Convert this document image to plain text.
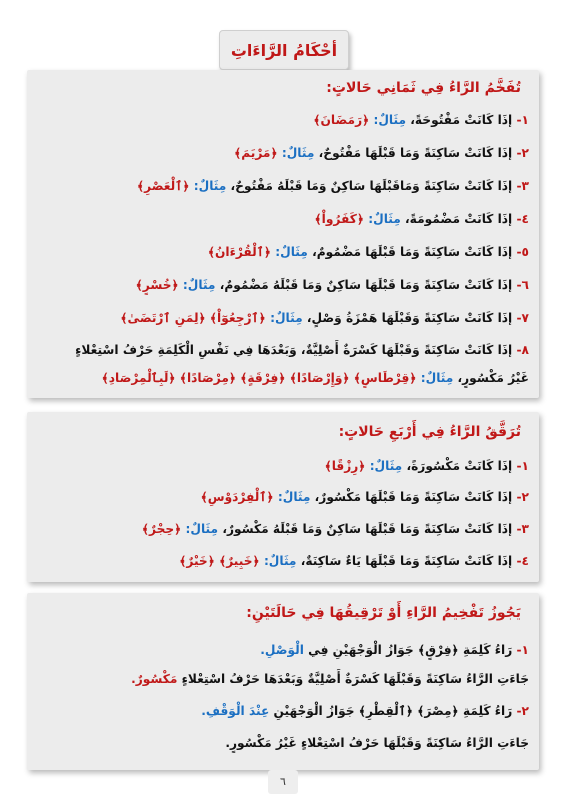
أحْكَامُ الرَّاءَاتِ
تُفَخَّمُ الرَّاءُ فِي ثَمَانِي حَالاتٍ:
١- إذَا كَانَتْ مَفْتُوحَةً، مِثَالٌ: ﴿رَمَضَانَ﴾
٢- إذَا كَانَتْ سَاكِنَةً وَمَا قَبْلَهَا مَفْتُوحٌ، مِثَالٌ: ﴿مَرْيَمَ﴾
٣- إذَا كَانَتْ سَاكِنَةً وَمَاقَبْلَهَا سَاكِنٌ وَمَا قَبْلَهُ مَفْتُوحٌ، مِثَالٌ: ﴿ٱلْعَصْرِ﴾
٤- إذَا كَانَتْ مَضْمُومَةً، مِثَالٌ: ﴿كَفَرُواْ﴾
٥- إذَا كَانَتْ سَاكِنَةً وَمَا قَبْلَهَا مَضْمُومٌ، مِثَالٌ: ﴿ٱلْقُرْءَانُ﴾
٦- إذَا كَانَتْ سَاكِنَةً وَمَا قَبْلَهَا سَاكِنٌ وَمَا قَبْلَهُ مَضْمُومٌ، مِثَالٌ: ﴿خُسْرٍ﴾
٧- إذَا كَانَتْ سَاكِنَةً وَقَبْلَهَا هَمْزَةُ وَصْلٍ، مِثَالٌ: ﴿ٱرْجِعُوٓاْ﴾ ﴿لِمَنِ ٱرْتَضَىٰ﴾
٨- إذَا كَانَتْ سَاكِنَةً وَقَبْلَهَا كَسْرَةٌ أَصْلِيَّةٌ، وَبَعْدَهَا فِي نَفْسِ الْكَلِمَةِ حَرْفُ اسْتِعْلاءٍ
غَيْرُ مَكْسُورٍ، مِثَالٌ: ﴿قِرْطَاسٍ﴾ ﴿وَإِرْصَادًا﴾ ﴿فِرْقَةٍ﴾ ﴿مِرْصَادًا﴾ ﴿لَبِٱلْمِرْصَادِ﴾
تُرَقَّقُ الرَّاءُ فِي أَرْبَعِ حَالاتٍ:
١- إذَا كَانَتْ مَكْسُورَةً، مِثَالٌ: ﴿رِزْقًا﴾
٢- إذَا كَانَتْ سَاكِنَةً وَمَا قَبْلَهَا مَكْسُورٌ، مِثَالٌ: ﴿ٱلْفِرْدَوْسِ﴾
٣- إذَا كَانَتْ سَاكِنَةً وَمَا قَبْلَهَا سَاكِنٌ وَمَا قَبْلَهُ مَكْسُورٌ، مِثَالٌ: ﴿حِجْرٌ﴾
٤- إذَا كَانَتْ سَاكِنَةً وَمَا قَبْلَهَا يَاءٌ سَاكِنَةٌ، مِثَالٌ: ﴿خَبِيرٌ﴾ ﴿خَيْرٌ﴾
يَجُوزُ تَفْخِيمُ الرَّاءِ أَوْ تَرْقِيقُهَا فِي حَالَتَيْنِ:
١- رَاءُ كَلِمَةِ ﴿فِرْقٍ﴾ جَوَازُ الْوَجْهَيْنِ فِي الْوَصْلِ.
جَاءَتِ الرَّاءُ سَاكِنَةً وَقَبْلَهَا كَسْرَةٌ أَصْلِيَّةٌ وَبَعْدَهَا حَرْفُ اسْتِعْلاءٍ مَكْسُورٌ.
٢- رَاءُ كَلِمَةِ ﴿مِصْرَ﴾ ﴿ٱلْقِطْرِ﴾ جَوَازُ الْوَجْهَيْنِ عِنْدَ الْوَقْفِ.
جَاءَتِ الرَّاءُ سَاكِنَةً وَقَبْلَهَا حَرْفُ اسْتِعْلاءٍ غَيْرُ مَكْسُورٍ.
٦
